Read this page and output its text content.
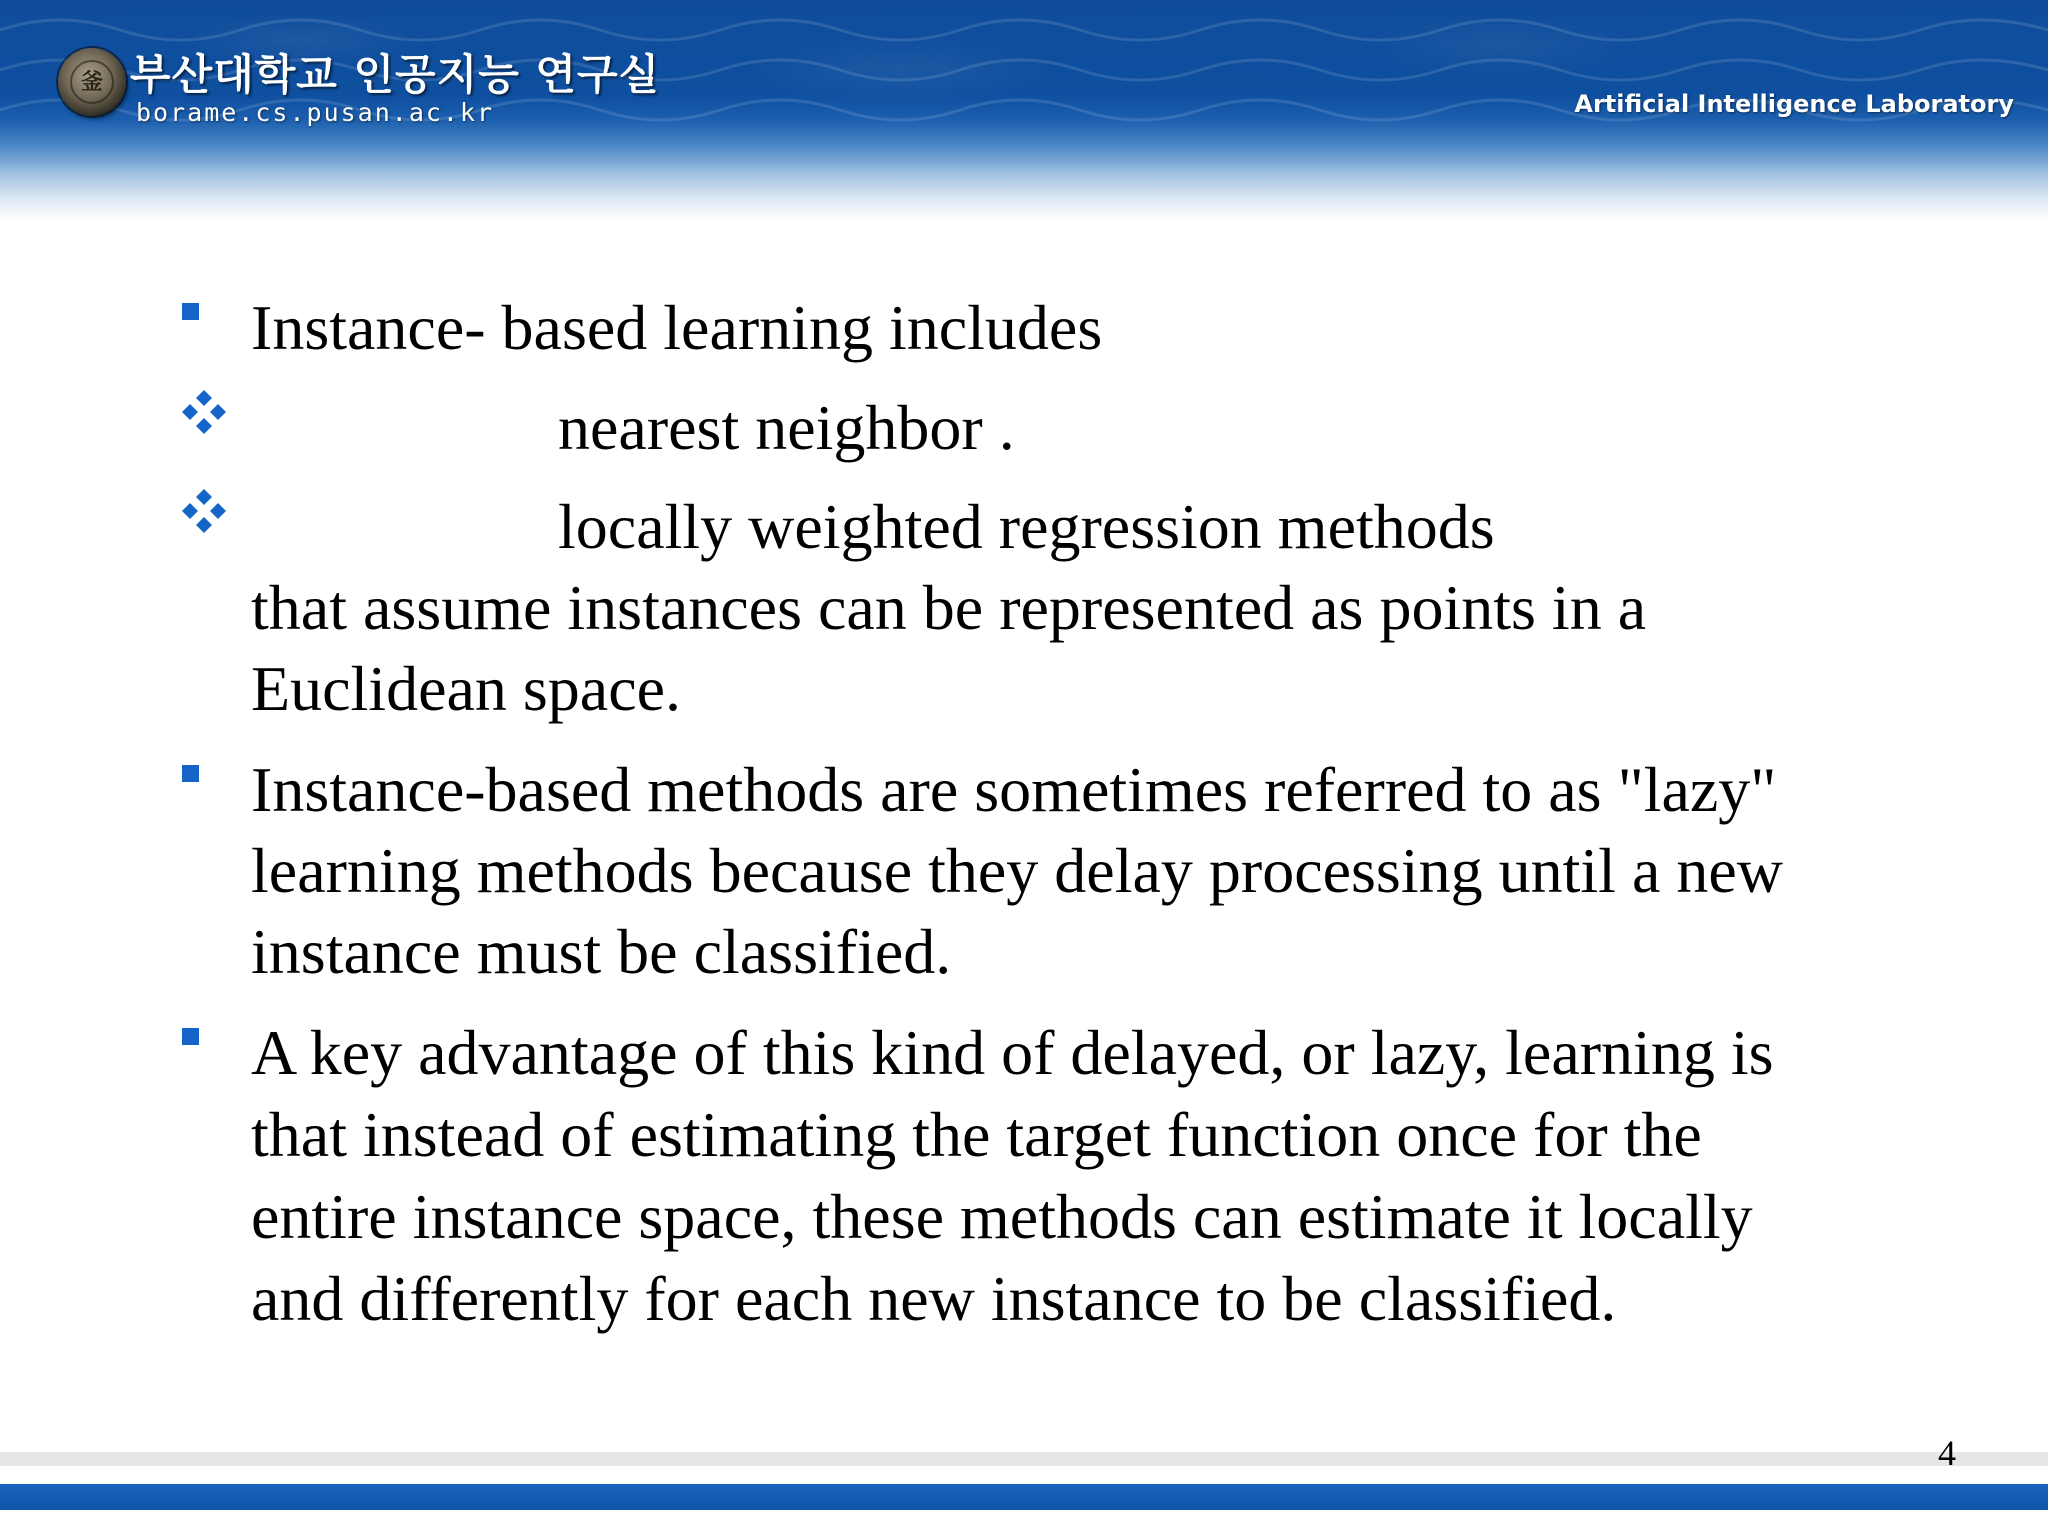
釜 부산대학교 인공지능 연구실
borame.cs.pusan.ac.kr	Artificial Intelligence Laboratory
Instance- based learning includes
nearest neighbor .
locally weighted regression methods
that assume instances can be represented as points in a
Euclidean space.
Instance-based methods are sometimes referred to as "lazy"
learning methods because they delay processing until a new
instance must be classified.
A key advantage of this kind of delayed, or lazy, learning is
that instead of estimating the target function once for the
entire instance space, these methods can estimate it locally
and differently for each new instance to be classified.
4
